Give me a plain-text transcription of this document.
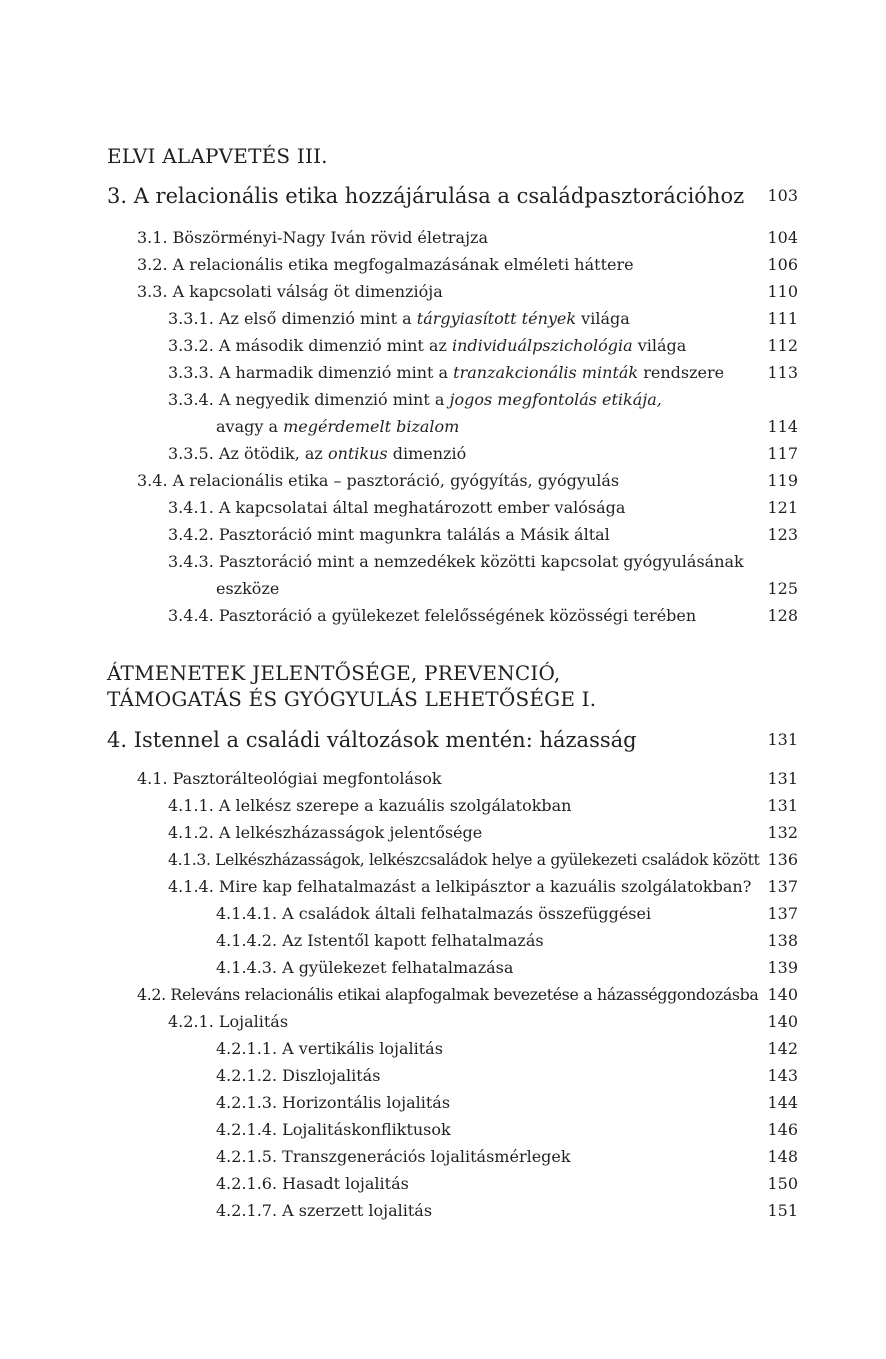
ELVI ALAPVETÉS III.
3. A relacionális etika hozzájárulása a családpasztorációhoz 103
3.1. Böszörményi-Nagy Iván rövid életrajza	104
3.2. A relacionális etika megfogalmazásának elméleti háttere	106
3.3. A kapcsolati válság öt dimenziója	110
3.3.1. Az első dimenzió mint a tárgyiasított tények világa	111
3.3.2. A második dimenzió mint az individuálpszichológia világa	112
3.3.3. A harmadik dimenzió mint a tranzakcionális minták rendszere	113
3.3.4. A negyedik dimenzió mint a jogos megfontolás etikája,
avagy a megérdemelt bizalom	114
3.3.5. Az ötödik, az ontikus dimenzió	117
3.4. A relacionális etika – pasztoráció, gyógyítás, gyógyulás	119
3.4.1. A kapcsolatai által meghatározott ember valósága	121
3.4.2. Pasztoráció mint magunkra találás a Másik által	123
3.4.3. Pasztoráció mint a nemzedékek közötti kapcsolat gyógyulásának
eszköze	125
3.4.4. Pasztoráció a gyülekezet felelősségének közösségi terében	128
ÁTMENETEK JELENTŐSÉGE, PREVENCIÓ,
TÁMOGATÁS ÉS GYÓGYULÁS LEHETŐSÉGE I.
4. Istennel a családi változások mentén: házasság	131
4.1. Pasztorálteológiai megfontolások	131
4.1.1. A lelkész szerepe a kazuális szolgálatokban	131
4.1.2. A lelkészházasságok jelentősége	132
4.1.3. Lelkészházasságok, lelkészcsaládok helye a gyülekezeti családok között 136
4.1.4. Mire kap felhatalmazást a lelkipásztor a kazuális szolgálatokban? 137
4.1.4.1. A családok általi felhatalmazás összefüggései	137
4.1.4.2. Az Istentől kapott felhatalmazás	138
4.1.4.3. A gyülekezet felhatalmazása	139
4.2. Releváns relacionális etikai alapfogalmak bevezetése a házasséggondozásba 140
4.2.1. Lojalitás	140
4.2.1.1. A vertikális lojalitás	142
4.2.1.2. Diszlojalitás	143
4.2.1.3. Horizontális lojalitás	144
4.2.1.4. Lojalitáskonfliktusok	146
4.2.1.5. Transzgenerációs lojalitásmérlegek	148
4.2.1.6. Hasadt lojalitás	150
4.2.1.7. A szerzett lojalitás	151
